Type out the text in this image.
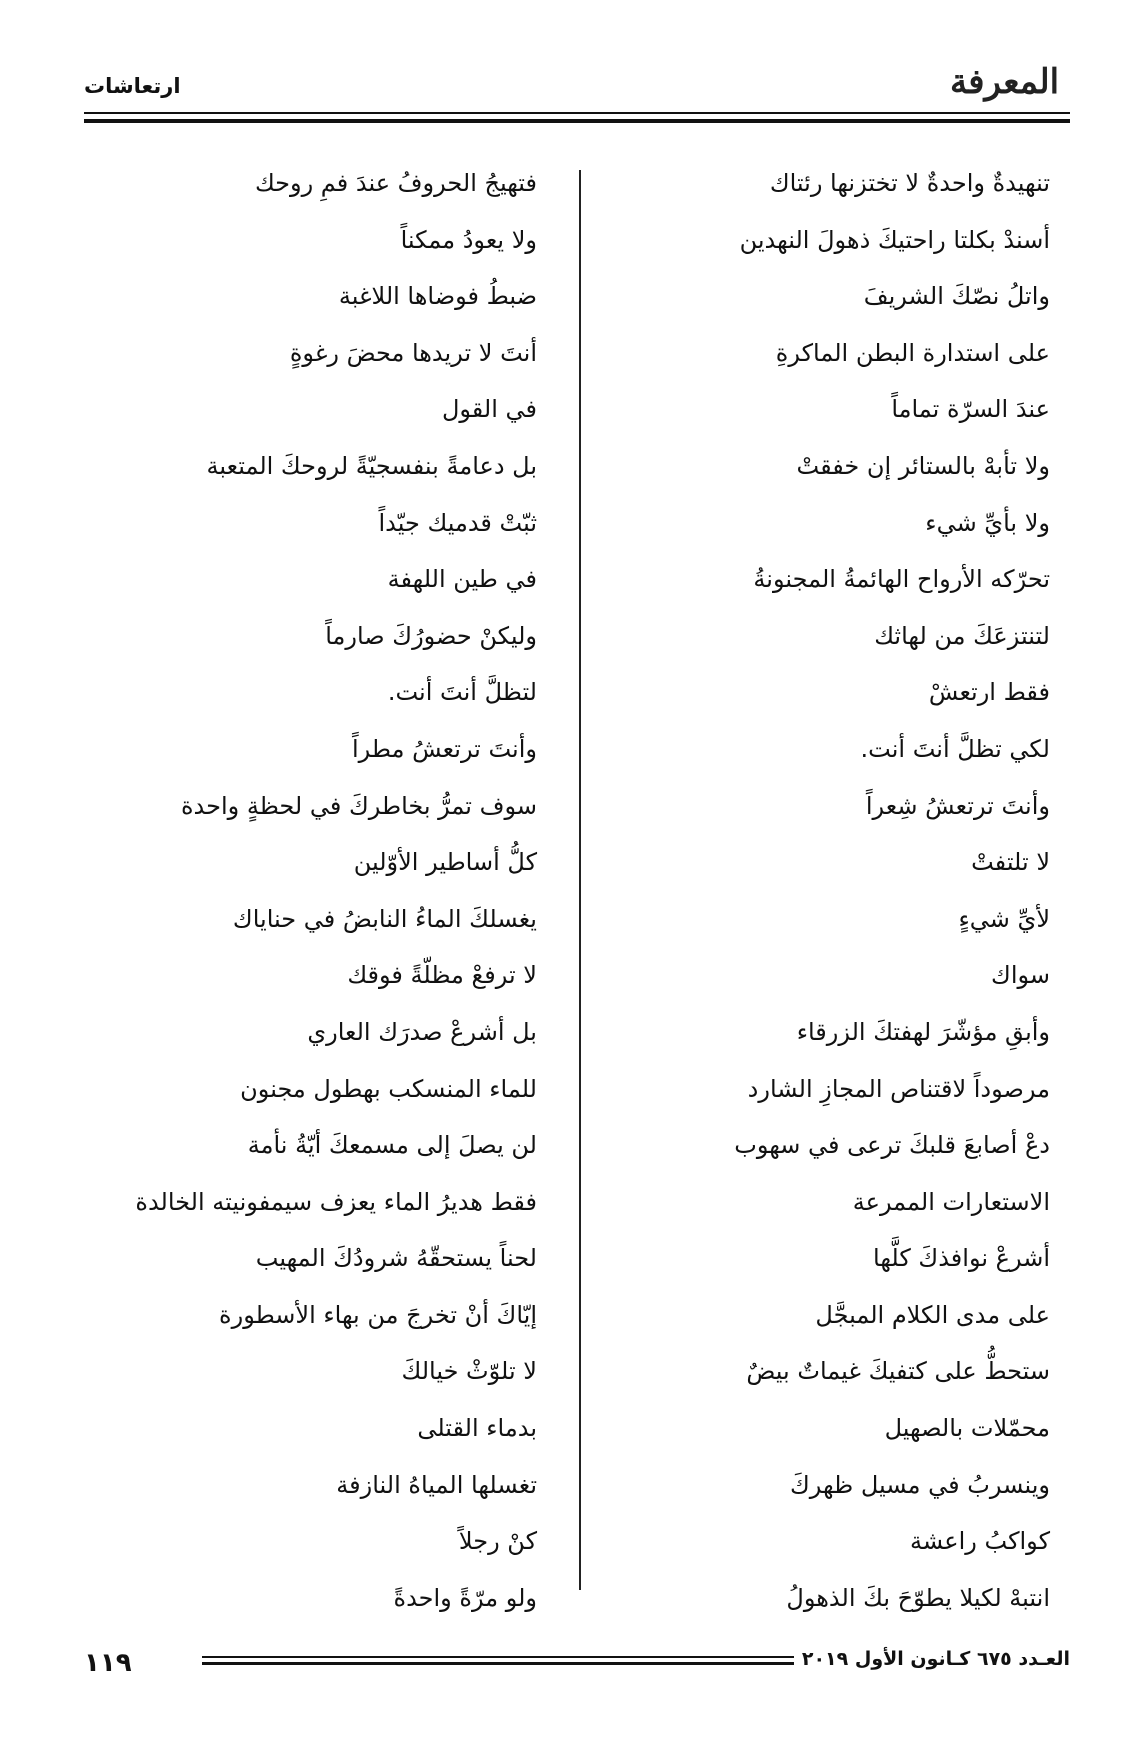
المعرفة
ارتعاشات
تنهيدةٌ واحدةٌ لا تختزنها رئتاك
أسندْ بكلتا راحتيكَ ذهولَ النهدين
واتلُ نصّكَ الشريفَ
على استدارة البطن الماكرةِ
عندَ السرّة تماماً
ولا تأبهْ بالستائر إن خفقتْ
ولا بأيِّ شيء
تحرّكه الأرواح الهائمةُ المجنونةُ
لتنتزعَكَ من لهاثك
فقط ارتعشْ
لكي تظلَّ أنتَ أنت.
وأنتَ ترتعشُ شِعراً
لا تلتفتْ
لأيِّ شيءٍ
سواك
وأبقِ مؤشّرَ لهفتكَ الزرقاء
مرصوداً لاقتناص المجازِ الشارد
دعْ أصابعَ قلبكَ ترعى في سهوب
الاستعارات الممرعة
أشرعْ نوافذكَ كلَّها
على مدى الكلام المبجَّل
ستحطُّ على كتفيكَ غيماتٌ بيضٌ
محمّلات بالصهيل
وينسربُ في مسيل ظهركَ
كواكبُ راعشة
انتبهْ لكيلا يطوّحَ بكَ الذهولُ
فتهيجُ الحروفُ عندَ فمِ روحك
ولا يعودُ ممكناً
ضبطُ فوضاها اللاغبة
أنتَ لا تريدها محضَ رغوةٍ
في القول
بل دعامةً بنفسجيّةً لروحكَ المتعبة
ثبّتْ قدميك جيّداً
في طين اللهفة
وليكنْ حضورُكَ صارماً
لتظلَّ أنتَ أنت.
وأنتَ ترتعشُ مطراً
سوف تمرُّ بخاطركَ في لحظةٍ واحدة
كلُّ أساطير الأوّلين
يغسلكَ الماءُ النابضُ في حناياك
لا ترفعْ مظلّةً فوقك
بل أشرعْ صدرَك العاري
للماء المنسكب بهطول مجنون
لن يصلَ إلى مسمعكَ أيّةُ نأمة
فقط هديرُ الماء يعزف سيمفونيته الخالدة
لحناً يستحقّهُ شرودُكَ المهيب
إيّاكَ أنْ تخرجَ من بهاء الأسطورة
لا تلوّثْ خيالكَ
بدماء القتلى
تغسلها المياهُ النازفة
كنْ رجلاً
ولو مرّةً واحدةً
١١٩	العـدد ٦٧٥ كـانون الأول ٢٠١٩
